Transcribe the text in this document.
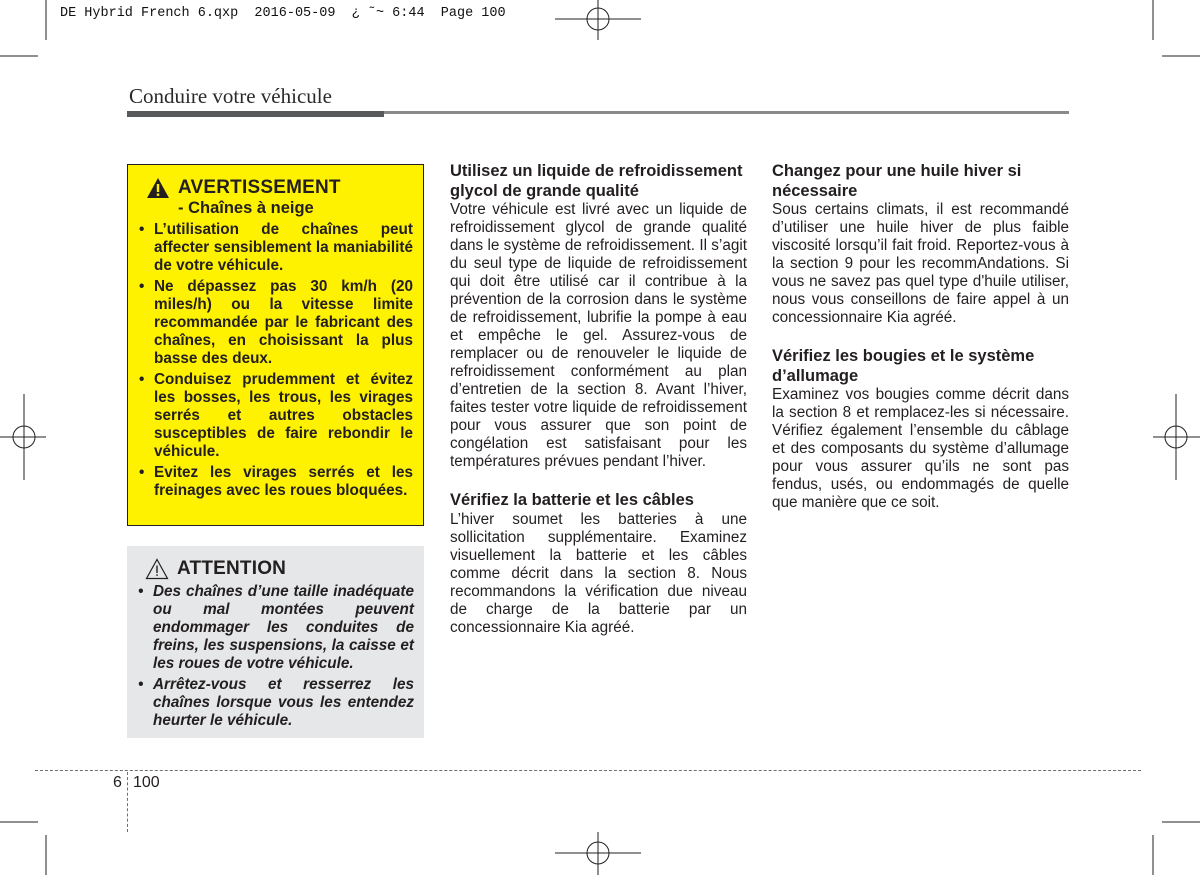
DE Hybrid French 6.qxp  2016-05-09  ¿ ˜~ 6:44  Page 100
Conduire votre véhicule
AVERTISSEMENT
- Chaînes à neige
• L’utilisation de chaînes peut affecter sensiblement la maniabilité de votre véhicule.
• Ne dépassez pas 30 km/h (20 miles/h) ou la vitesse limite recommandée par le fabricant des chaînes, en choisissant la plus basse des deux.
• Conduisez prudemment et évitez les bosses, les trous, les virages serrés et autres obstacles susceptibles de faire rebondir le véhicule.
• Evitez les virages serrés et les freinages avec les roues bloquées.
ATTENTION
• Des chaînes d’une taille inadéquate ou mal montées peuvent endommager les conduites de freins, les suspensions, la caisse et les roues de votre véhicule.
• Arrêtez-vous et resserrez les chaînes lorsque vous les entendez heurter le véhicule.
Utilisez un liquide de refroidissement glycol de grande qualité

Votre véhicule est livré avec un liquide de refroidissement glycol de grande qualité dans le système de refroidissement. Il s’agit du seul type de liquide de refroidissement qui doit être utilisé car il contribue à la prévention de la corrosion dans le système de refroidissement, lubrifie la pompe à eau et empêche le gel. Assurez-vous de remplacer ou de renouveler le liquide de refroidissement conformément au plan d’entretien de la section 8. Avant l’hiver, faites tester votre liquide de refroidissement pour vous assurer que son point de congélation est satisfaisant pour les températures prévues pendant l’hiver.

Vérifiez la batterie et les câbles

L’hiver soumet les batteries à une sollicitation supplémentaire. Examinez visuellement la batterie et les câbles comme décrit dans la section 8. Nous recommandons la vérification due niveau de charge de la batterie par un concessionnaire Kia agréé.

Changez pour une huile hiver si nécessaire

Sous certains climats, il est recommandé d’utiliser une huile hiver de plus faible viscosité lorsqu’il fait froid. Reportez-vous à la section 9 pour les recommAndations. Si vous ne savez pas quel type d'huile utiliser, nous vous conseillons de faire appel à un concessionnaire Kia agréé.

Vérifiez les bougies et le système d’allumage

Examinez vos bougies comme décrit dans la section 8 et remplacez-les si nécessaire. Vérifiez également l’ensemble du câblage et des composants du système d’allumage pour vous assurer qu’ils ne sont pas fendus, usés, ou endommagés de quelle que manière que ce soit.

6 100
